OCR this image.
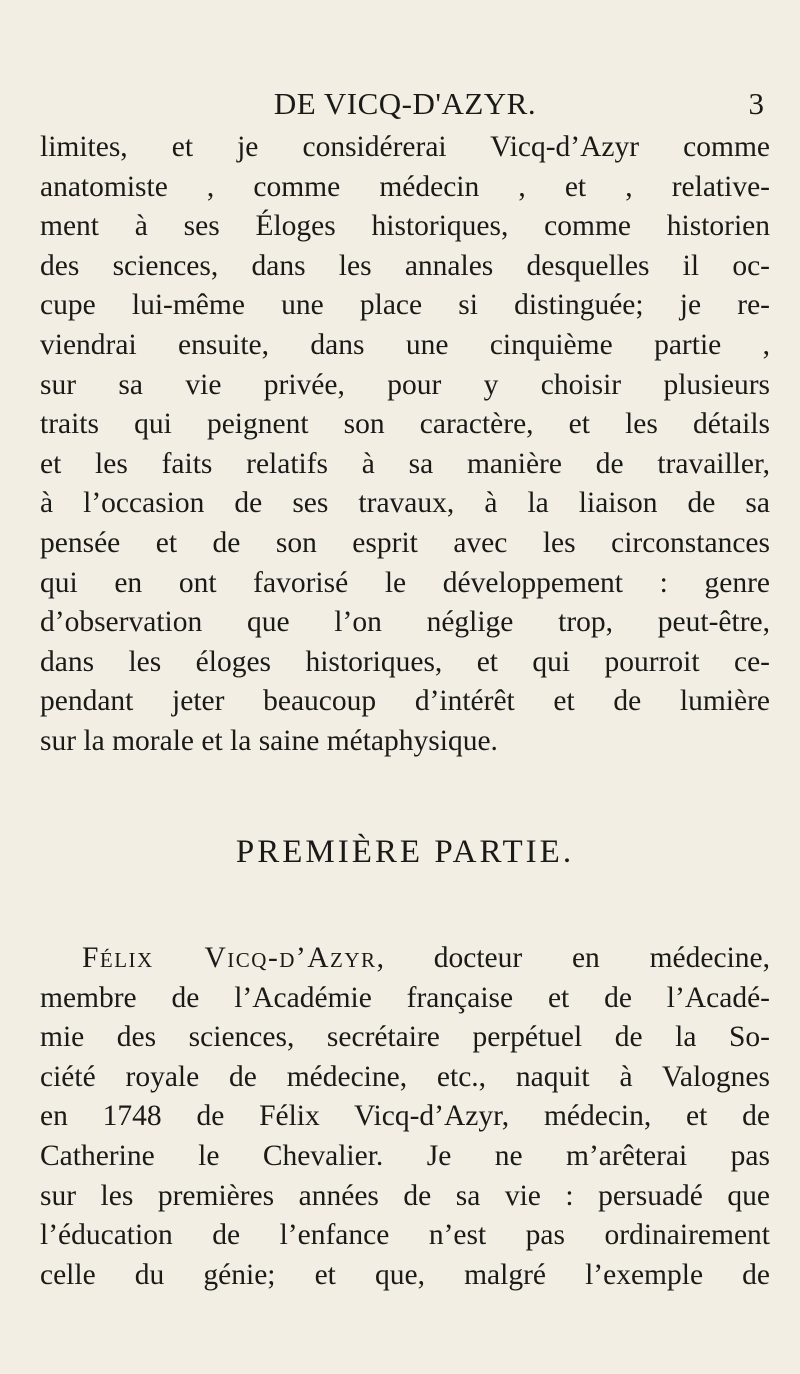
DE VICQ-D'AZYR.	3
limites, et je considérerai Vicq-d’Azyr comme
anatomiste , comme médecin , et , relative-
ment à ses Éloges historiques, comme historien
des sciences, dans les annales desquelles il oc-
cupe lui-même une place si distinguée; je re-
viendrai ensuite, dans une cinquième partie ,
sur sa vie privée, pour y choisir plusieurs
traits qui peignent son caractère, et les détails
et les faits relatifs à sa manière de travailler,
à l’occasion de ses travaux, à la liaison de sa
pensée et de son esprit avec les circonstances
qui en ont favorisé le développement : genre
d’observation que l’on néglige trop, peut-être,
dans les éloges historiques, et qui pourroit ce-
pendant jeter beaucoup d’intérêt et de lumière
sur la morale et la saine métaphysique.
PREMIÈRE PARTIE.
Félix Vicq-d’Azyr, docteur en médecine,
membre de l’Académie française et de l’Acadé-
mie des sciences, secrétaire perpétuel de la So-
ciété royale de médecine, etc., naquit à Valognes
en 1748 de Félix Vicq-d’Azyr, médecin, et de
Catherine le Chevalier. Je ne m’arêterai pas
sur les premières années de sa vie : persuadé que
l’éducation de l’enfance n’est pas ordinairement
celle du génie; et que, malgré l’exemple de
